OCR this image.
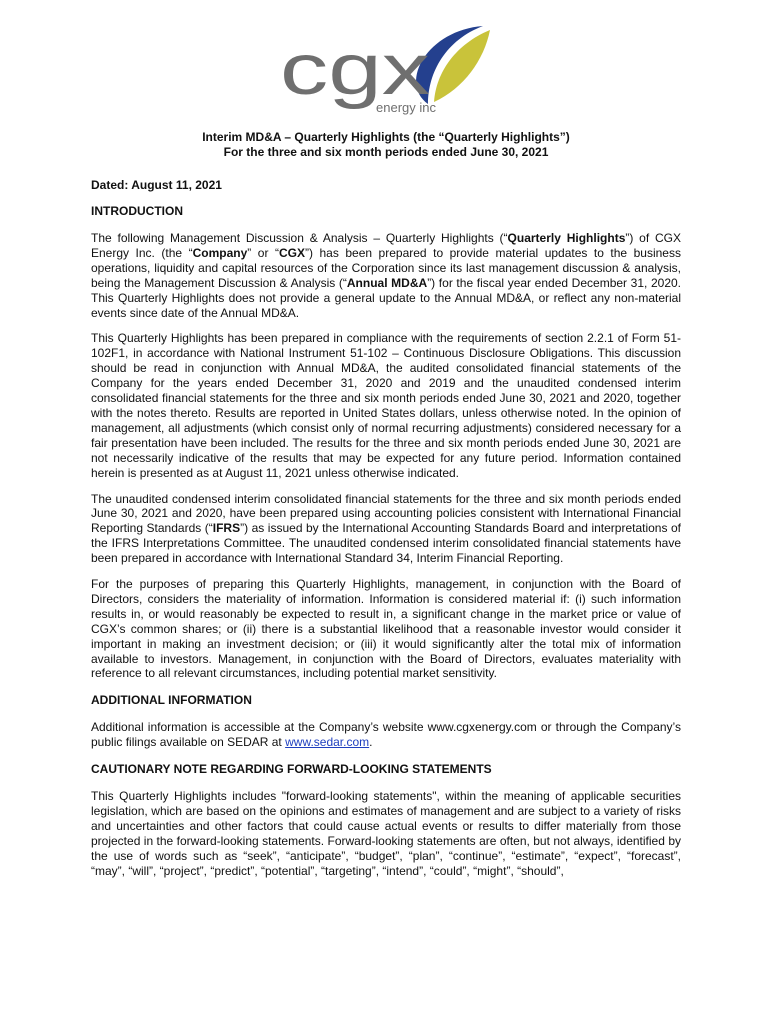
cgx
energy inc
Interim MD&A – Quarterly Highlights (the “Quarterly Highlights”)
For the three and six month periods ended June 30, 2021
Dated: August 11, 2021
INTRODUCTION

The following Management Discussion & Analysis – Quarterly Highlights (“Quarterly Highlights”) of CGX Energy Inc. (the “Company” or “CGX”) has been prepared to provide material updates to the business operations, liquidity and capital resources of the Corporation since its last management discussion & analysis, being the Management Discussion & Analysis (“Annual MD&A”) for the fiscal year ended December 31, 2020. This Quarterly Highlights does not provide a general update to the Annual MD&A, or reflect any non-material events since date of the Annual MD&A.

This Quarterly Highlights has been prepared in compliance with the requirements of section 2.2.1 of Form 51-102F1, in accordance with National Instrument 51-102 – Continuous Disclosure Obligations. This discussion should be read in conjunction with Annual MD&A, the audited consolidated financial statements of the Company for the years ended December 31, 2020 and 2019 and the unaudited condensed interim consolidated financial statements for the three and six month periods ended June 30, 2021 and 2020, together with the notes thereto. Results are reported in United States dollars, unless otherwise noted. In the opinion of management, all adjustments (which consist only of normal recurring adjustments) considered necessary for a fair presentation have been included. The results for the three and six month periods ended June 30, 2021 are not necessarily indicative of the results that may be expected for any future period. Information contained herein is presented as at August 11, 2021 unless otherwise indicated.

The unaudited condensed interim consolidated financial statements for the three and six month periods ended June 30, 2021 and 2020, have been prepared using accounting policies consistent with International Financial Reporting Standards (“IFRS”) as issued by the International Accounting Standards Board and interpretations of the IFRS Interpretations Committee. The unaudited condensed interim consolidated financial statements have been prepared in accordance with International Standard 34, Interim Financial Reporting.

For the purposes of preparing this Quarterly Highlights, management, in conjunction with the Board of Directors, considers the materiality of information. Information is considered material if: (i) such information results in, or would reasonably be expected to result in, a significant change in the market price or value of CGX’s common shares; or (ii) there is a substantial likelihood that a reasonable investor would consider it important in making an investment decision; or (iii) it would significantly alter the total mix of information available to investors. Management, in conjunction with the Board of Directors, evaluates materiality with reference to all relevant circumstances, including potential market sensitivity.

ADDITIONAL INFORMATION

Additional information is accessible at the Company’s website www.cgxenergy.com or through the Company’s public filings available on SEDAR at www.sedar.com.

CAUTIONARY NOTE REGARDING FORWARD-LOOKING STATEMENTS

This Quarterly Highlights includes "forward-looking statements", within the meaning of applicable securities legislation, which are based on the opinions and estimates of management and are subject to a variety of risks and uncertainties and other factors that could cause actual events or results to differ materially from those projected in the forward-looking statements. Forward-looking statements are often, but not always, identified by the use of words such as “seek”, “anticipate”, “budget”, “plan”, “continue”, “estimate”, “expect”, “forecast”, “may”, “will”, “project”, “predict”, “potential”, “targeting”, “intend”, “could”, “might”, “should”,
